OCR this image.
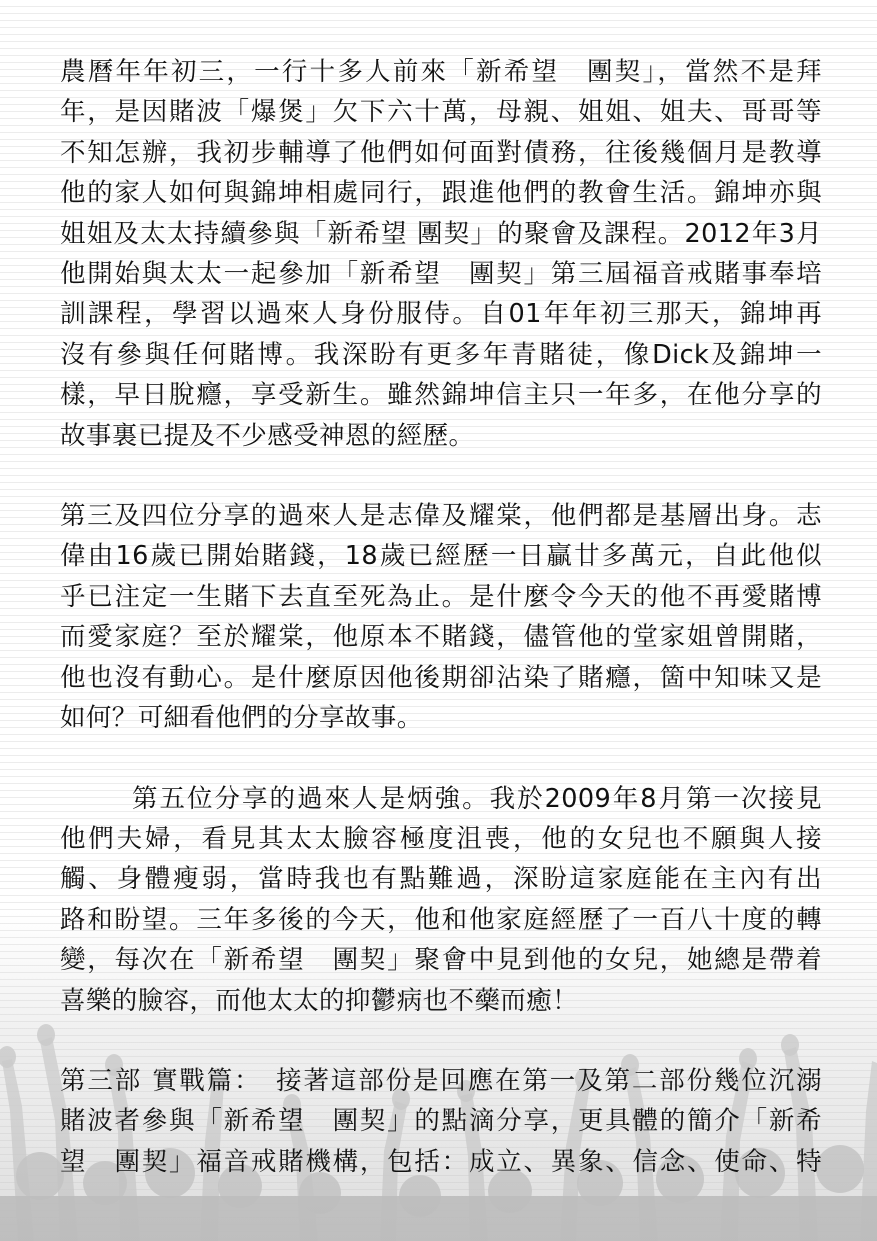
農曆年年初三，一行十多人前來「新希望　團契」，當然不是拜
年，是因賭波「爆煲」欠下六十萬，母親、姐姐、姐夫、哥哥等
不知怎辦，我初步輔導了他們如何面對債務，往後幾個月是教導
他的家人如何與錦坤相處同行，跟進他們的教會生活。錦坤亦與
姐姐及太太持續參與「新希望 團契」的聚會及課程。2012年3月
他開始與太太一起參加「新希望　團契」第三屆福音戒賭事奉培
訓課程，學習以過來人身份服侍。自01年年初三那天，錦坤再
沒有參與任何賭博。我深盼有更多年青賭徒，像Dick及錦坤一
樣，早日脫癮，享受新生。雖然錦坤信主只一年多，在他分享的
故事裏已提及不少感受神恩的經歷。

第三及四位分享的過來人是志偉及耀棠，他們都是基層出身。志
偉由16歲已開始賭錢，18歲已經歷一日贏廿多萬元，自此他似
乎已注定一生賭下去直至死為止。是什麼令今天的他不再愛賭博
而愛家庭？至於耀棠，他原本不賭錢，儘管他的堂家姐曾開賭，
他也沒有動心。是什麼原因他後期卻沾染了賭癮，箇中知味又是
如何？可細看他們的分享故事。

第五位分享的過來人是炳強。我於2009年8月第一次接見
他們夫婦，看見其太太臉容極度沮喪，他的女兒也不願與人接
觸、身體瘦弱，當時我也有點難過，深盼這家庭能在主內有出
路和盼望。三年多後的今天，他和他家庭經歷了一百八十度的轉
變，每次在「新希望　團契」聚會中見到他的女兒，她總是帶着
喜樂的臉容，而他太太的抑鬱病也不藥而癒！

第三部 實戰篇：　接著這部份是回應在第一及第二部份幾位沉溺
賭波者參與「新希望　團契」的點滴分享，更具體的簡介「新希
望　團契」福音戒賭機構，包括：成立、異象、信念、使命、特
